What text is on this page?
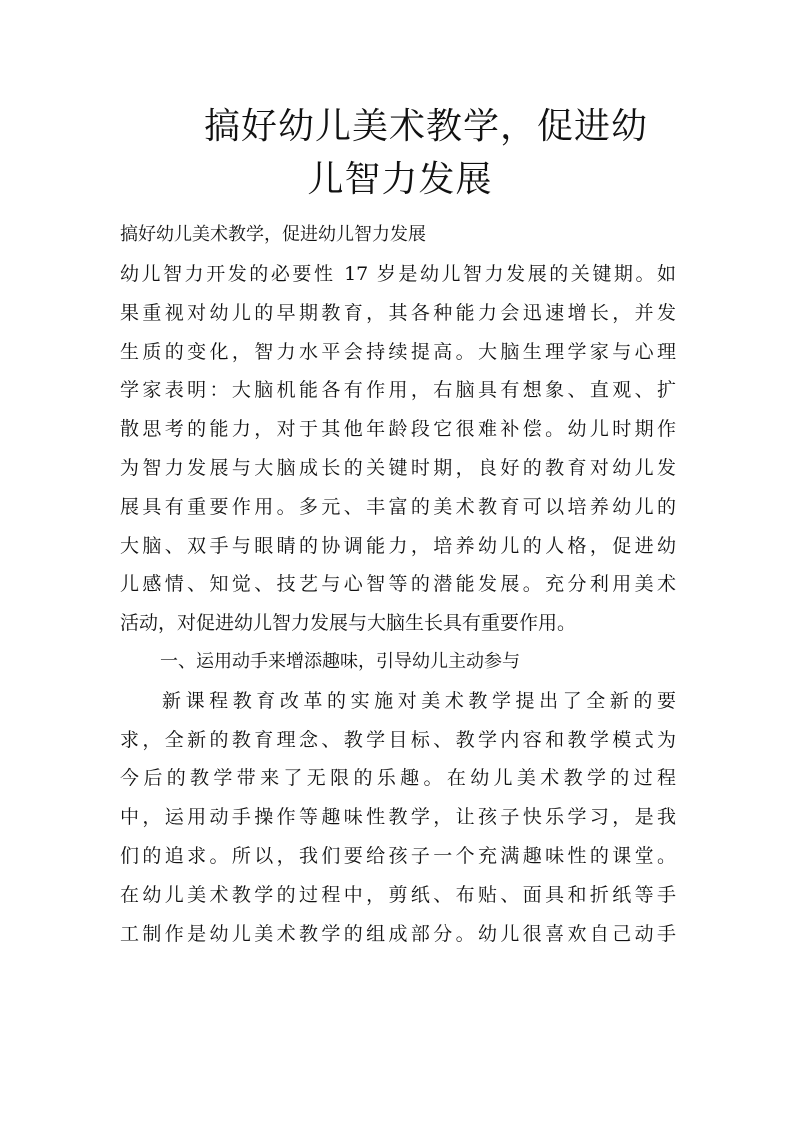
搞好幼儿美术教学，促进幼
儿智力发展

搞好幼儿美术教学，促进幼儿智力发展

幼儿智力开发的必要性 17 岁是幼儿智力发展的关键期。如
果重视对幼儿的早期教育，其各种能力会迅速增长，并发
生质的变化，智力水平会持续提高。大脑生理学家与心理
学家表明：大脑机能各有作用，右脑具有想象、直观、扩
散思考的能力，对于其他年龄段它很难补偿。幼儿时期作
为智力发展与大脑成长的关键时期，良好的教育对幼儿发
展具有重要作用。多元、丰富的美术教育可以培养幼儿的
大脑、双手与眼睛的协调能力，培养幼儿的人格，促进幼
儿感情、知觉、技艺与心智等的潜能发展。充分利用美术
活动，对促进幼儿智力发展与大脑生长具有重要作用。
一、运用动手来增添趣味，引导幼儿主动参与
新课程教育改革的实施对美术教学提出了全新的要
求，全新的教育理念、教学目标、教学内容和教学模式为
今后的教学带来了无限的乐趣。在幼儿美术教学的过程
中，运用动手操作等趣味性教学，让孩子快乐学习，是我
们的追求。所以，我们要给孩子一个充满趣味性的课堂。
在幼儿美术教学的过程中，剪纸、布贴、面具和折纸等手
工制作是幼儿美术教学的组成部分。幼儿很喜欢自己动手
